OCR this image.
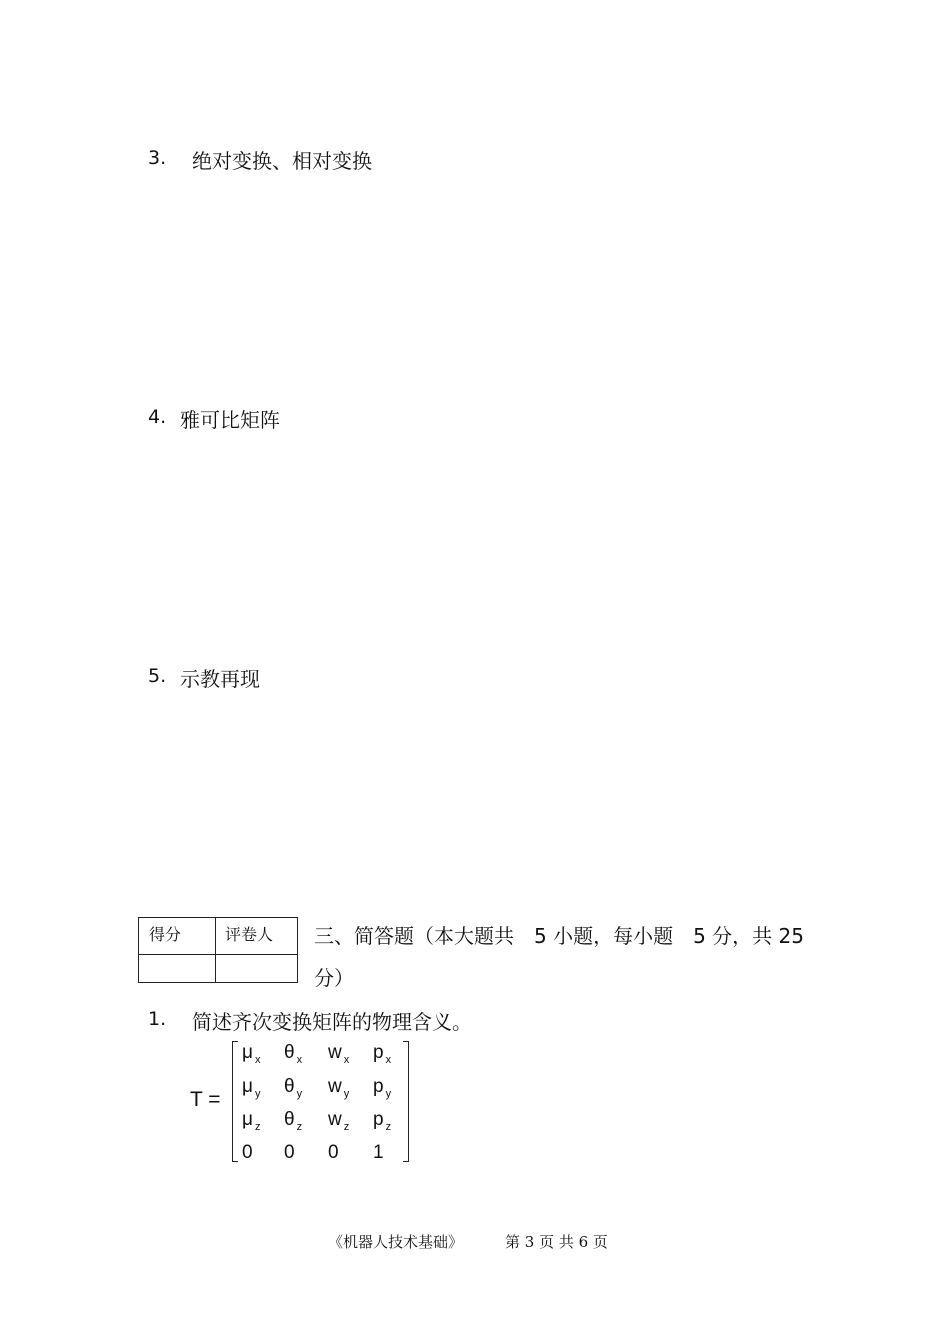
3. 绝对变换、相对变换
4. 雅可比矩阵
5. 示教再现
得分	评卷人	三、简答题（本大题共　5 小题，每小题　5 分，共 25
分）
1. 简述齐次变换矩阵的物理含义。
T =
μ $_x$	θ $_x$	w $_x$	p $_x$
μ $_y$	θ $_y$	w $_y$	p $_y$
μ $_z$	θ $_z$	w $_z$	p $_z$
0	0	0	1
《机器人技术基础》	第 3 页 共 6 页
